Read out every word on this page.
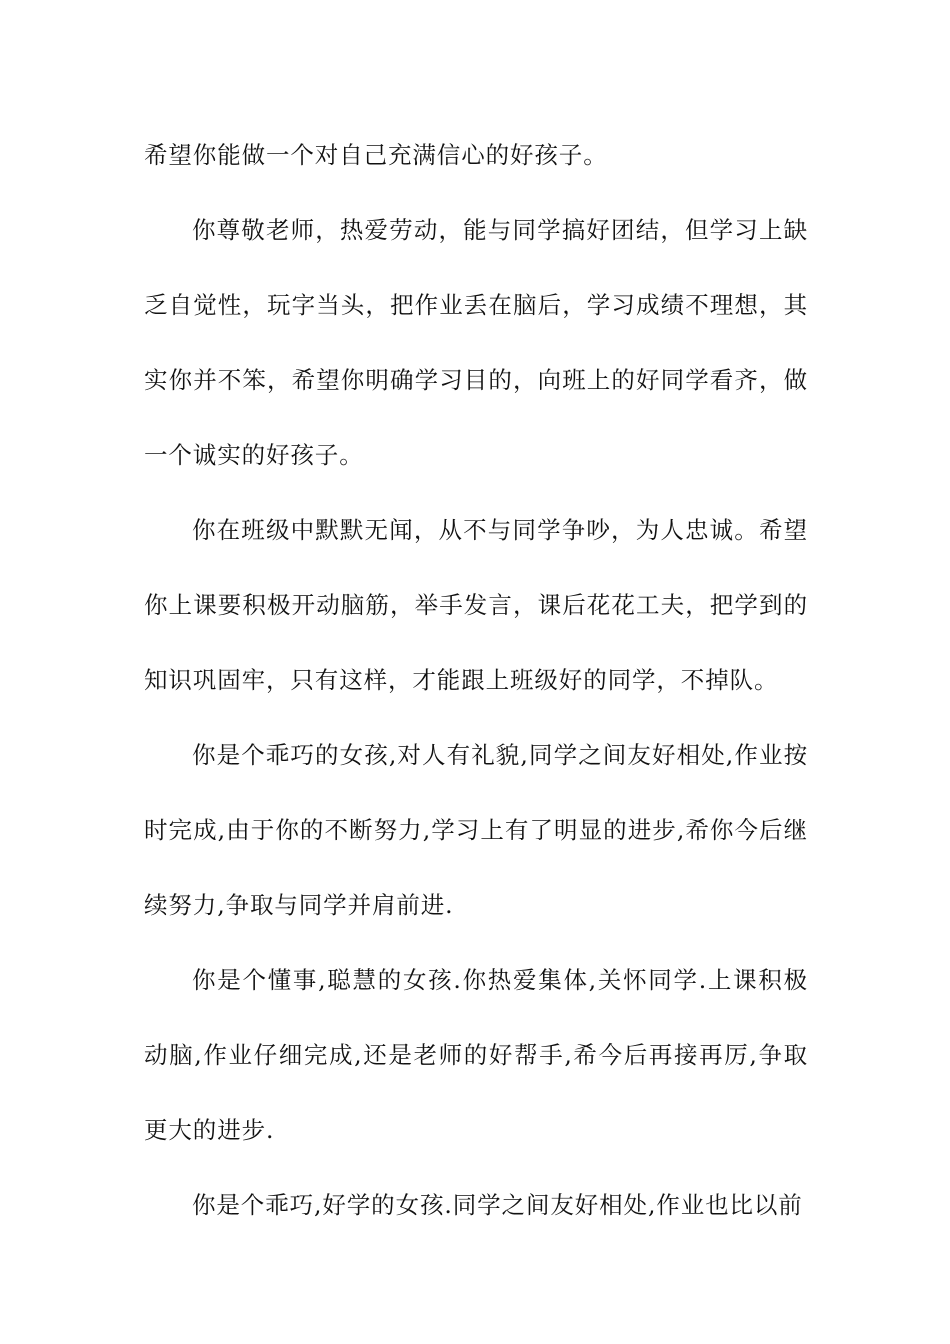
希望你能做一个对自己充满信心的好孩子。

你尊敬老师，热爱劳动，能与同学搞好团结，但学习上缺乏自觉性，玩字当头，把作业丢在脑后，学习成绩不理想，其实你并不笨，希望你明确学习目的，向班上的好同学看齐，做一个诚实的好孩子。

你在班级中默默无闻，从不与同学争吵，为人忠诚。希望你上课要积极开动脑筋，举手发言，课后花花工夫，把学到的知识巩固牢，只有这样，才能跟上班级好的同学，不掉队。

你是个乖巧的女孩,对人有礼貌,同学之间友好相处,作业按时完成,由于你的不断努力,学习上有了明显的进步,希你今后继续努力,争取与同学并肩前进.

你是个懂事,聪慧的女孩.你热爱集体,关怀同学.上课积极动脑,作业仔细完成,还是老师的好帮手,希今后再接再厉,争取更大的进步.

你是个乖巧,好学的女孩.同学之间友好相处,作业也比以前
